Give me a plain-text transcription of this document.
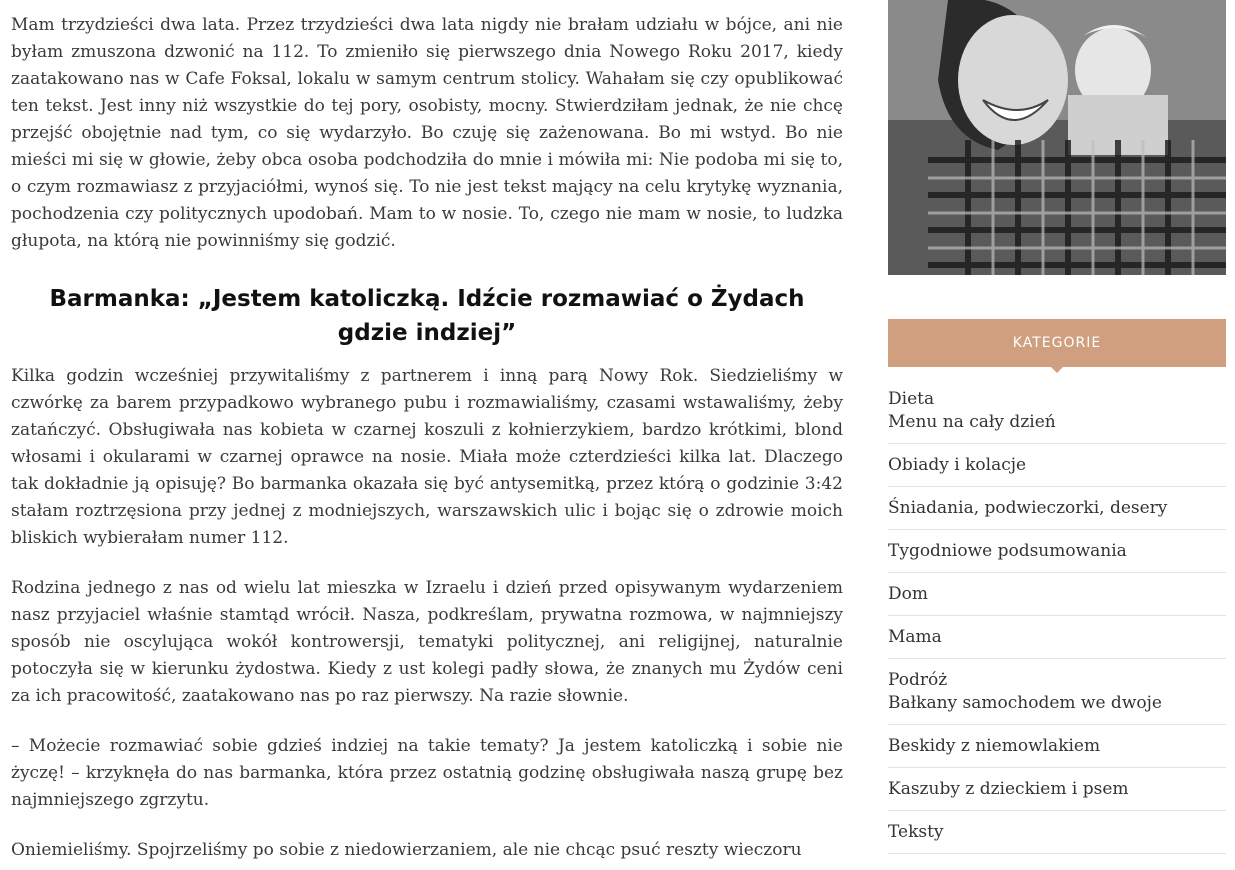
Mam trzydzieści dwa lata. Przez trzydzieści dwa lata nigdy nie brałam udziału w bójce, ani nie byłam zmuszona dzwonić na 112. To zmieniło się pierwszego dnia Nowego Roku 2017, kiedy zaatakowano nas w Cafe Foksal, lokalu w samym centrum stolicy. Wahałam się czy opublikować ten tekst. Jest inny niż wszystkie do tej pory, osobisty, mocny. Stwierdziłam jednak, że nie chcę przejść obojętnie nad tym, co się wydarzyło. Bo czuję się zażenowana. Bo mi wstyd. Bo nie mieści mi się w głowie, żeby obca osoba podchodziła do mnie i mówiła mi: Nie podoba mi się to, o czym rozmawiasz z przyjaciółmi, wynoś się. To nie jest tekst mający na celu krytykę wyznania, pochodzenia czy politycznych upodobań. Mam to w nosie. To, czego nie mam w nosie, to ludzka głupota, na którą nie powinniśmy się godzić.

Barmanka: „Jestem katoliczką. Idźcie rozmawiać o Żydach gdzie indziej”

Kilka godzin wcześniej przywitaliśmy z partnerem i inną parą Nowy Rok. Siedzieliśmy w czwórkę za barem przypadkowo wybranego pubu i rozmawialiśmy, czasami wstawaliśmy, żeby zatańczyć. Obsługiwała nas kobieta w czarnej koszuli z kołnierzykiem, bardzo krótkimi, blond włosami i okularami w czarnej oprawce na nosie. Miała może czterdzieści kilka lat. Dlaczego tak dokładnie ją opisuję? Bo barmanka okazała się być antysemitką, przez którą o godzinie 3:42 stałam roztrzęsiona przy jednej z modniejszych, warszawskich ulic i bojąc się o zdrowie moich bliskich wybierałam numer 112.

Rodzina jednego z nas od wielu lat mieszka w Izraelu i dzień przed opisywanym wydarzeniem nasz przyjaciel właśnie stamtąd wrócił. Nasza, podkreślam, prywatna rozmowa, w najmniejszy sposób nie oscylująca wokół kontrowersji, tematyki politycznej, ani religijnej, naturalnie potoczyła się w kierunku żydostwa. Kiedy z ust kolegi padły słowa, że znanych mu Żydów ceni za ich pracowitość, zaatakowano nas po raz pierwszy. Na razie słownie.

– Możecie rozmawiać sobie gdzieś indziej na takie tematy? Ja jestem katoliczką i sobie nie życzę! – krzyknęła do nas barmanka, która przez ostatnią godzinę obsługiwała naszą grupę bez najmniejszego zgrzytu.

Oniemieliśmy. Spojrzeliśmy po sobie z niedowierzaniem, ale nie chcąc psuć reszty wieczoru

KATEGORIE
Dieta
Menu na cały dzień
Obiady i kolacje
Śniadania, podwieczorki, desery
Tygodniowe podsumowania
Dom
Mama
Podróż
Bałkany samochodem we dwoje
Beskidy z niemowlakiem
Kaszuby z dzieckiem i psem
Teksty
